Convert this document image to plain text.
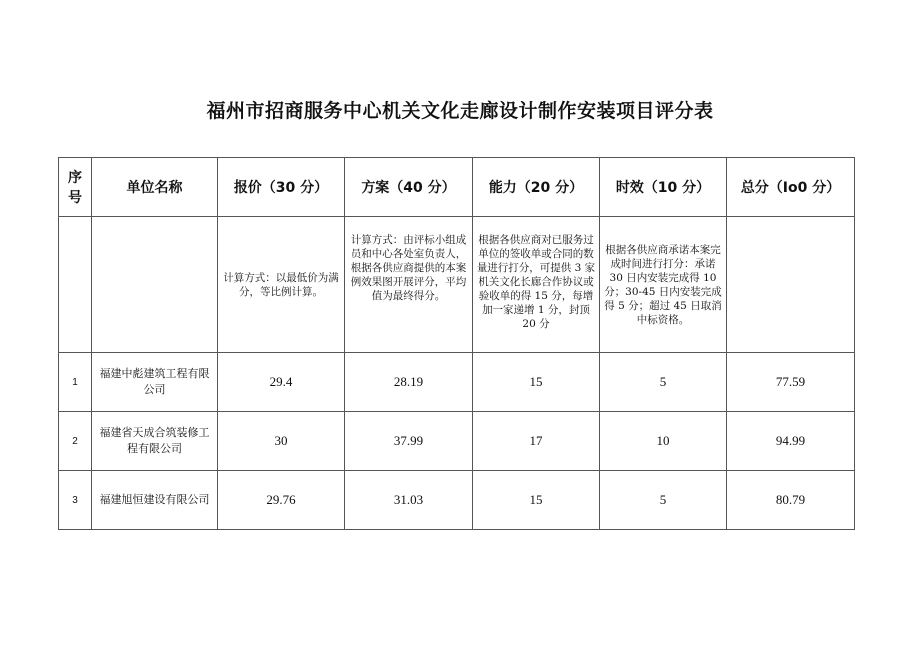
福州市招商服务中心机关文化走廊设计制作安装项目评分表
序号	单位名称	报价（30 分）	方案（40 分）	能力（20 分）	时效（10 分）	总分（Io0 分）
		计算方式：以最低价为满分，等比例计算。	计算方式：由评标小组成员和中心各处室负责人，根据各供应商提供的本案例效果图开展评分，平均值为最终得分。	根据各供应商对已服务过单位的签收单或合同的数量进行打分，可提供 3 家机关文化长廊合作协议或验收单的得 15 分，每增加一家递增 1 分，封顶 20 分	根据各供应商承诺本案完成时间进行打分：承诺 30 日内安装完成得 10 分；30-45 日内安装完成得 5 分；超过 45 日取消中标资格。	
1	福建中彪建筑工程有限公司	29.4	28.19	15	5	77.59
2	福建省天成合筑装修工程有限公司	30	37.99	17	10	94.99
3	福建旭恒建设有限公司	29.76	31.03	15	5	80.79
